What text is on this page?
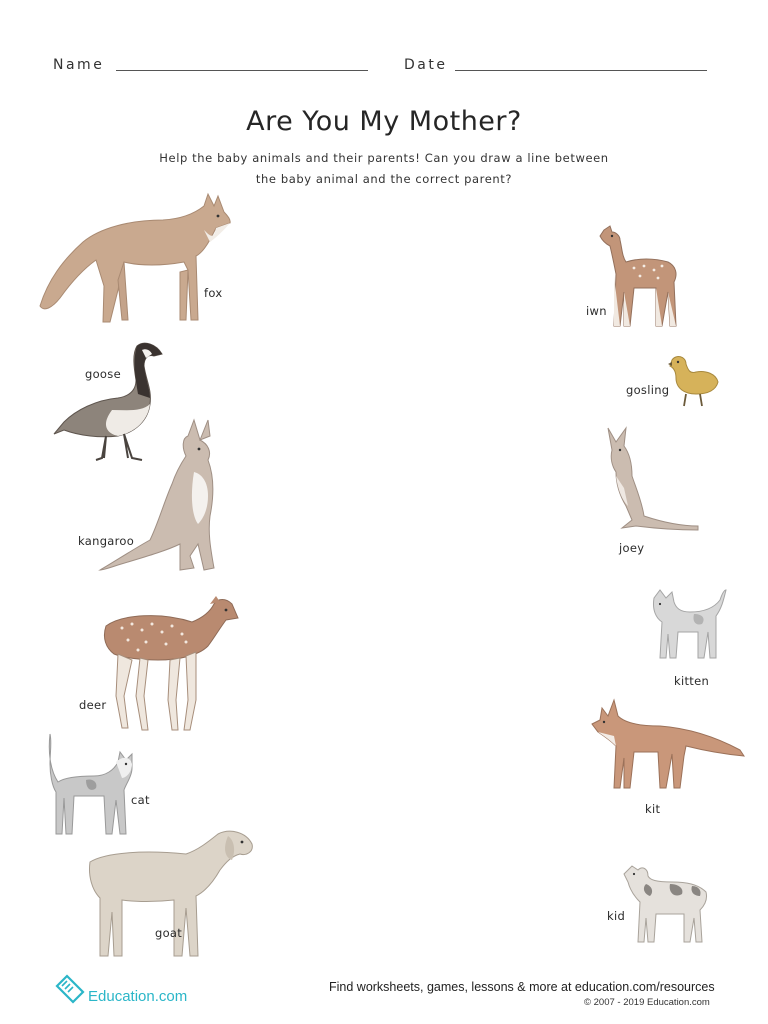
Name	Date
Are You My Mother?
Help the baby animals and their parents! Can you draw a line between
the baby animal and the correct parent?
fox
goose
kangaroo
deer
cat
goat
iwn
gosling
joey
kitten
kit
kid
Education.com
Find worksheets, games, lessons & more at education.com/resources
© 2007 - 2019 Education.com
